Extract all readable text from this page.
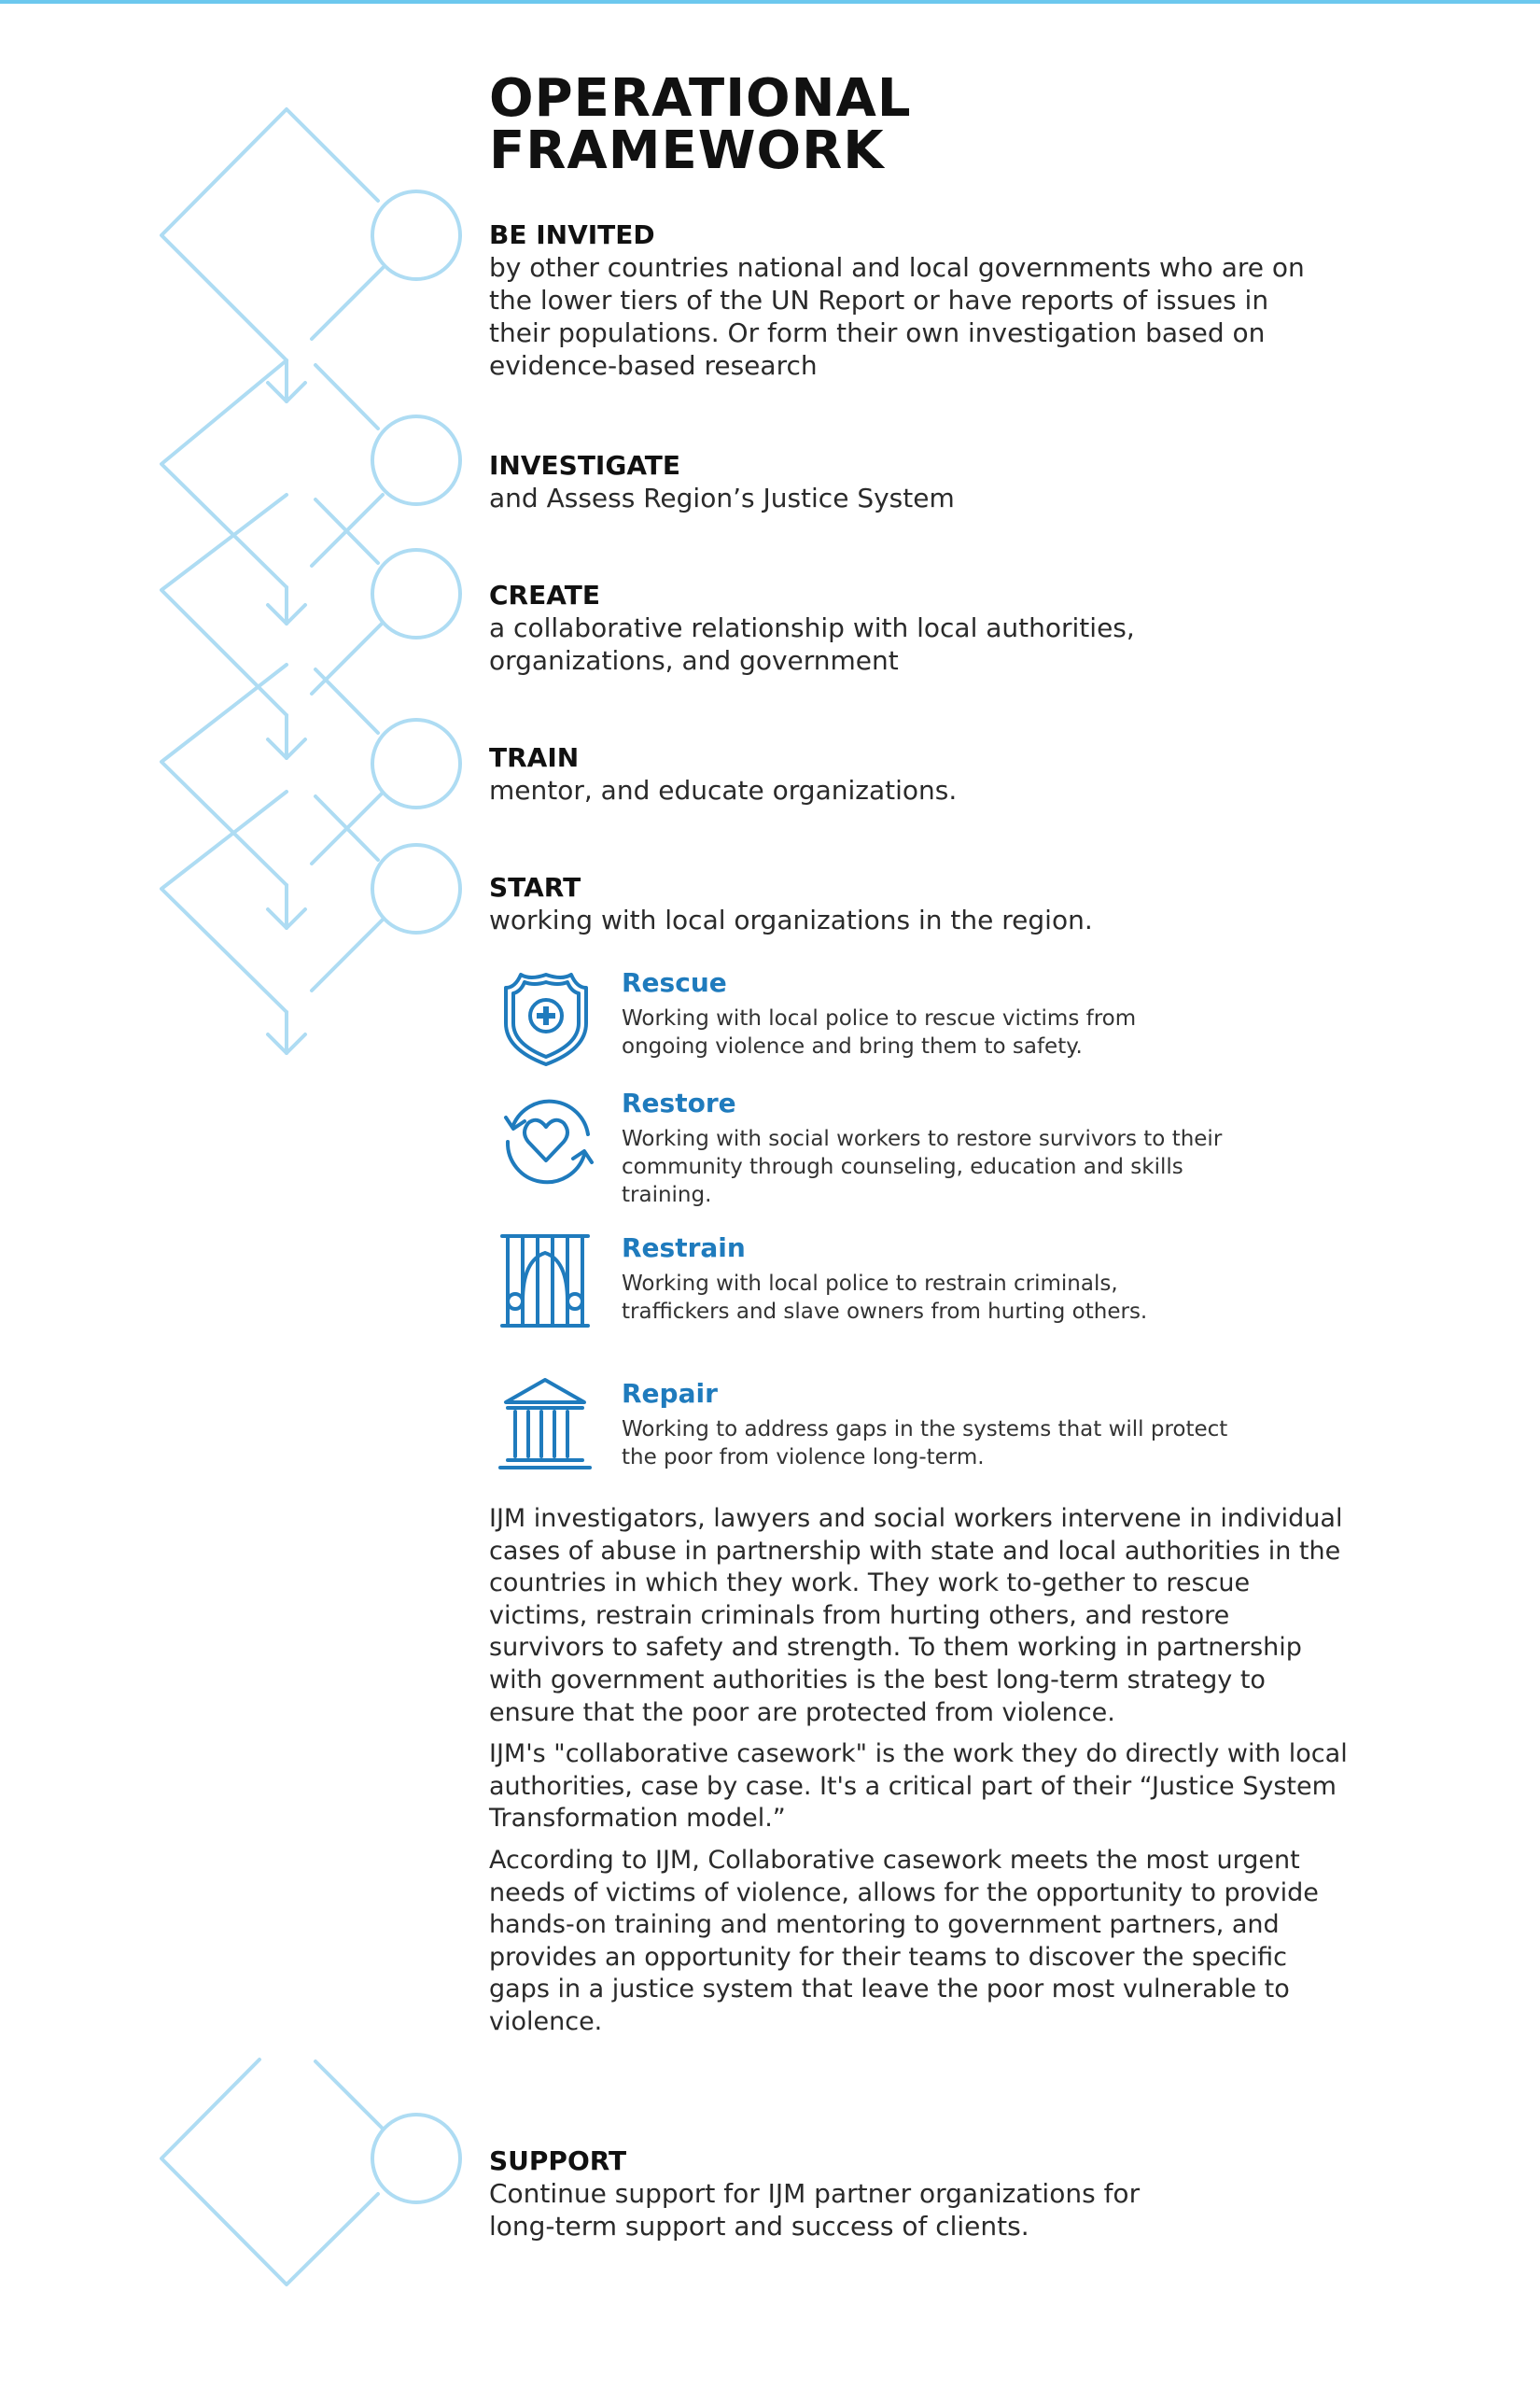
OPERATIONAL
FRAMEWORK
BE INVITED

by other countries national and local governments who are on the lower tiers of the UN Report or have reports of issues in their populations. Or form their own investigation based on evidence-based research

INVESTIGATE

and Assess Region’s Justice System

CREATE

a collaborative relationship with local authorities, organizations, and government

TRAIN

mentor, and educate organizations.

START

working with local organizations in the region.

Rescue

Working with local police to rescue victims from ongoing violence and bring them to safety.

Restore

Working with social workers to restore survivors to their community through counseling, education and skills training.

Restrain

Working with local police to restrain criminals, traffickers and slave owners from hurting others.

Repair

Working to address gaps in the systems that will protect the poor from violence long-term.

IJM investigators, lawyers and social workers intervene in individual cases of abuse in partnership with state and local authorities in the countries in which they work. They work to-gether to rescue victims, restrain criminals from hurting others, and restore survivors to safety and strength. To them working in partnership with government authorities is the best long-term strategy to ensure that the poor are protected from violence.

IJM's "collaborative casework" is the work they do directly with local authorities, case by case. It's a critical part of their “Justice System Transformation model.”

According to IJM, Collaborative casework meets the most urgent needs of victims of violence, allows for the opportunity to provide hands-on training and mentoring to government partners, and provides an opportunity for their teams to discover the specific gaps in a justice system that leave the poor most vulnerable to violence.

SUPPORT

Continue support for IJM partner organizations for long-term support and success of clients.
